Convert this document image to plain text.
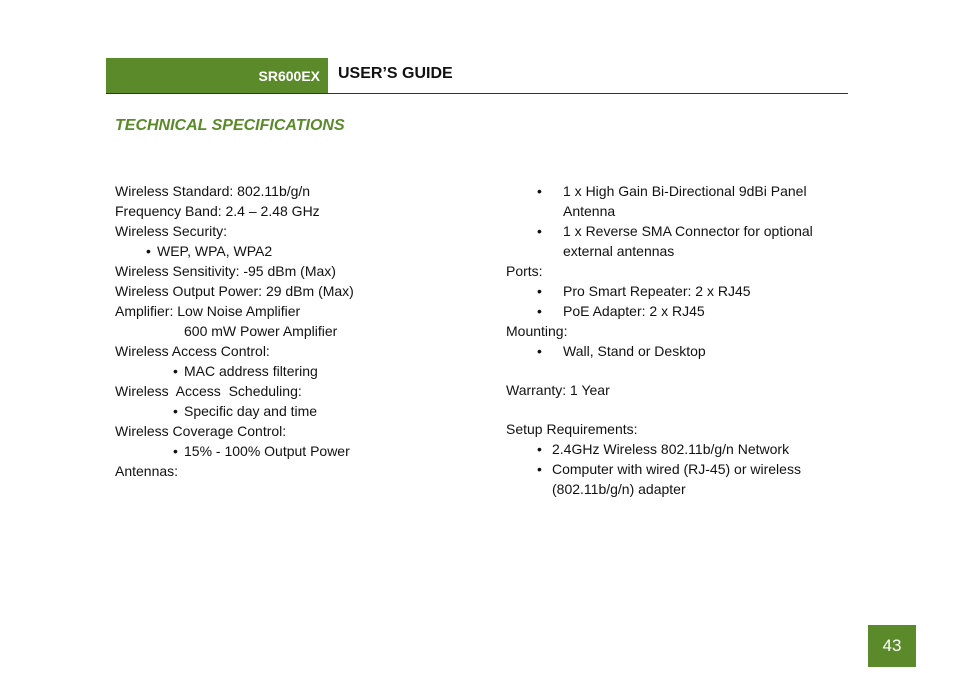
SR600EX USER’S GUIDE
TECHNICAL SPECIFICATIONS
Wireless Standard: 802.11b/g/n
Frequency Band: 2.4 – 2.48 GHz
Wireless Security:
• WEP, WPA, WPA2
Wireless Sensitivity: -95 dBm (Max)
Wireless Output Power: 29 dBm (Max)
Amplifier: Low Noise Amplifier
600 mW Power Amplifier
Wireless Access Control:
• MAC address filtering
Wireless  Access  Scheduling:
• Specific day and time
Wireless Coverage Control:
• 15% - 100% Output Power
Antennas:
•	1 x High Gain Bi-Directional 9dBi Panel Antenna
•	1 x Reverse SMA Connector for optional external antennas
Ports:
•	Pro Smart Repeater: 2 x RJ45
•	PoE Adapter: 2 x RJ45
Mounting:
•	Wall, Stand or Desktop
Warranty: 1 Year
Setup Requirements:
• 2.4GHz Wireless 802.11b/g/n Network
• Computer with wired (RJ-45) or wireless (802.11b/g/n) adapter
43
